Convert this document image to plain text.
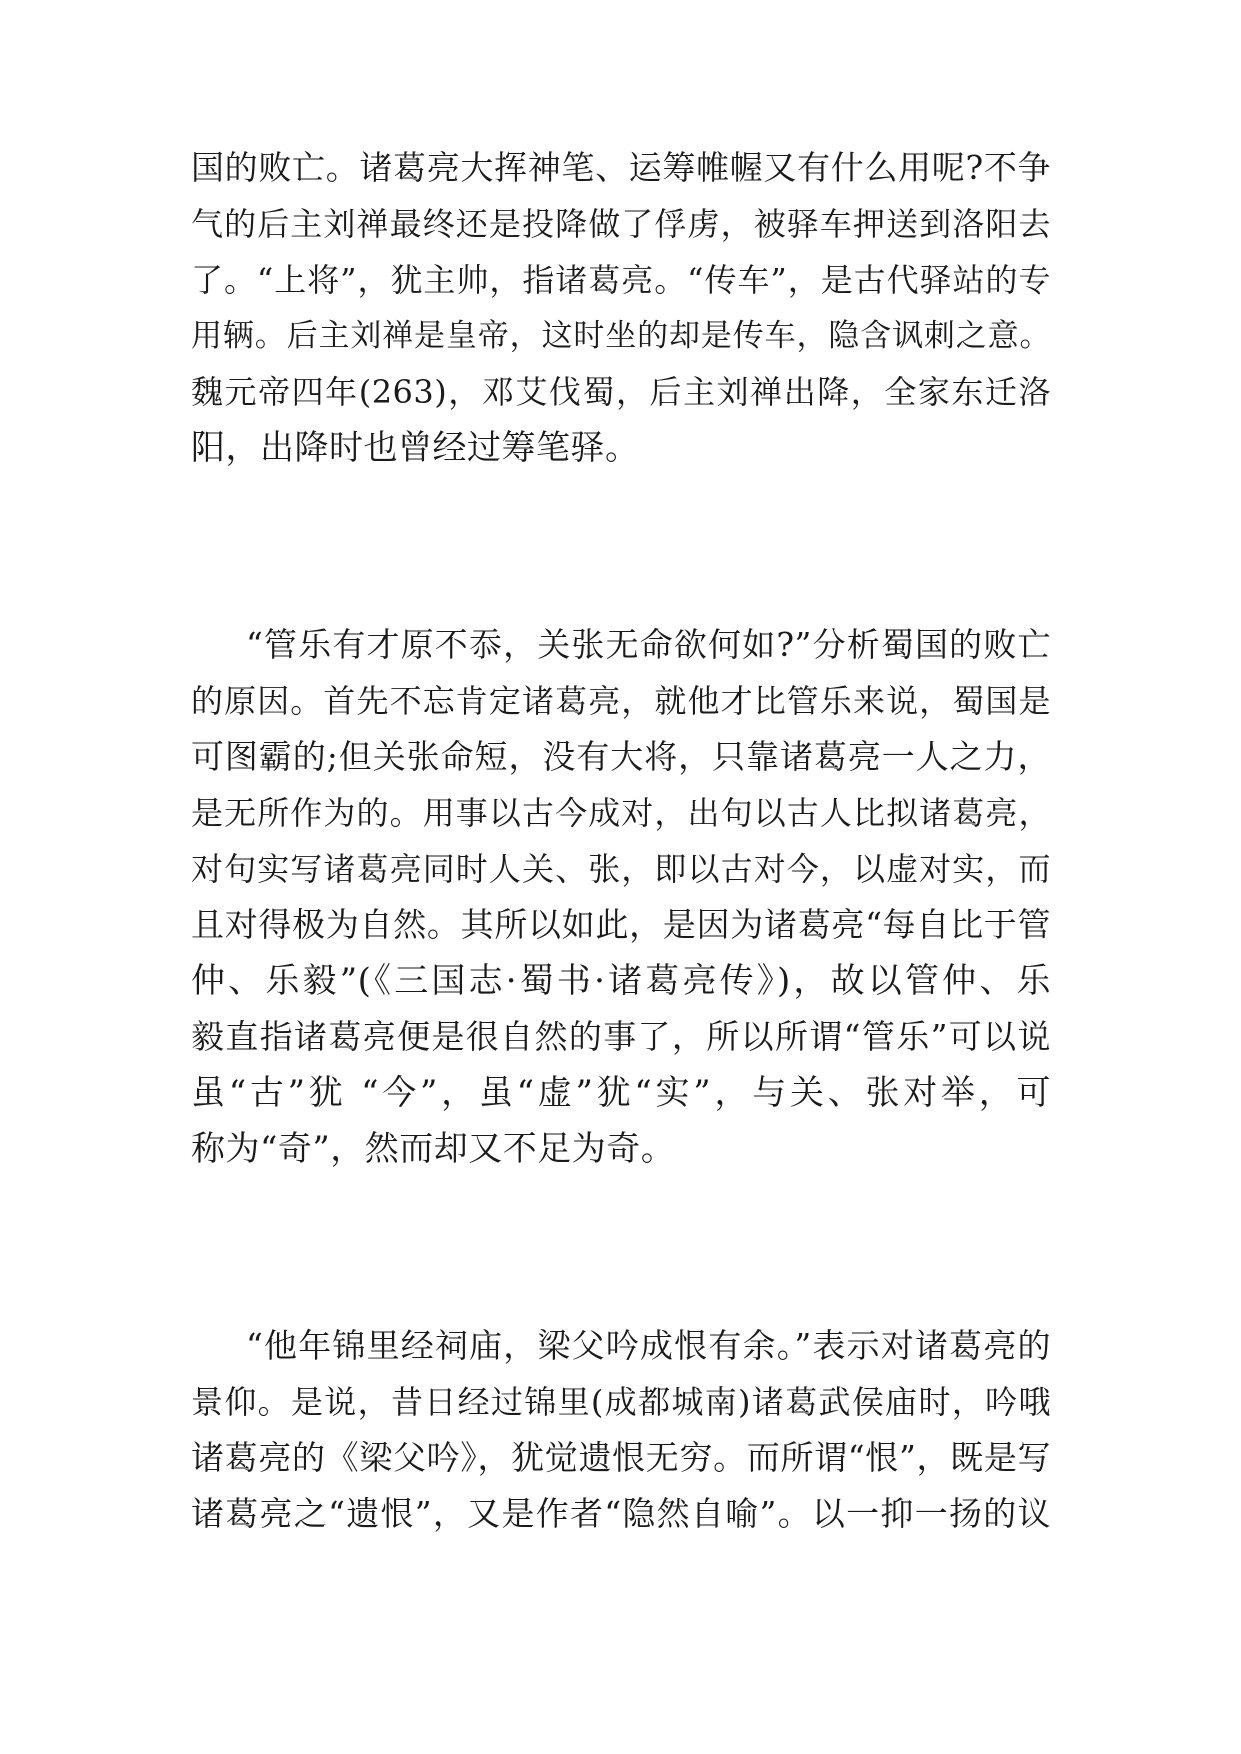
国的败亡。诸葛亮大挥神笔、运筹帷幄又有什么用呢?不争
气的后主刘禅最终还是投降做了俘虏，被驿车押送到洛阳去
了。“上将”，犹主帅，指诸葛亮。“传车”，是古代驿站的专
用辆。后主刘禅是皇帝，这时坐的却是传车，隐含讽刺之意。
魏元帝四年(263)，邓艾伐蜀，后主刘禅出降，全家东迁洛
阳，出降时也曾经过筹笔驿。
“管乐有才原不忝，关张无命欲何如?”分析蜀国的败亡
的原因。首先不忘肯定诸葛亮，就他才比管乐来说，蜀国是
可图霸的;但关张命短，没有大将，只靠诸葛亮一人之力，
是无所作为的。用事以古今成对，出句以古人比拟诸葛亮，
对句实写诸葛亮同时人关、张，即以古对今，以虚对实，而
且对得极为自然。其所以如此，是因为诸葛亮“每自比于管
仲、乐毅”(《三国志·蜀书·诸葛亮传》)，故以管仲、乐
毅直指诸葛亮便是很自然的事了，所以所谓“管乐”可以说
虽“古”犹 “今”，虽“虚”犹“实”，与关、张对举，可
称为“奇”，然而却又不足为奇。
“他年锦里经祠庙，梁父吟成恨有余。”表示对诸葛亮的
景仰。是说，昔日经过锦里(成都城南)诸葛武侯庙时，吟哦
诸葛亮的《梁父吟》，犹觉遗恨无穷。而所谓“恨”，既是写
诸葛亮之“遗恨”，又是作者“隐然自喻”。以一抑一扬的议
